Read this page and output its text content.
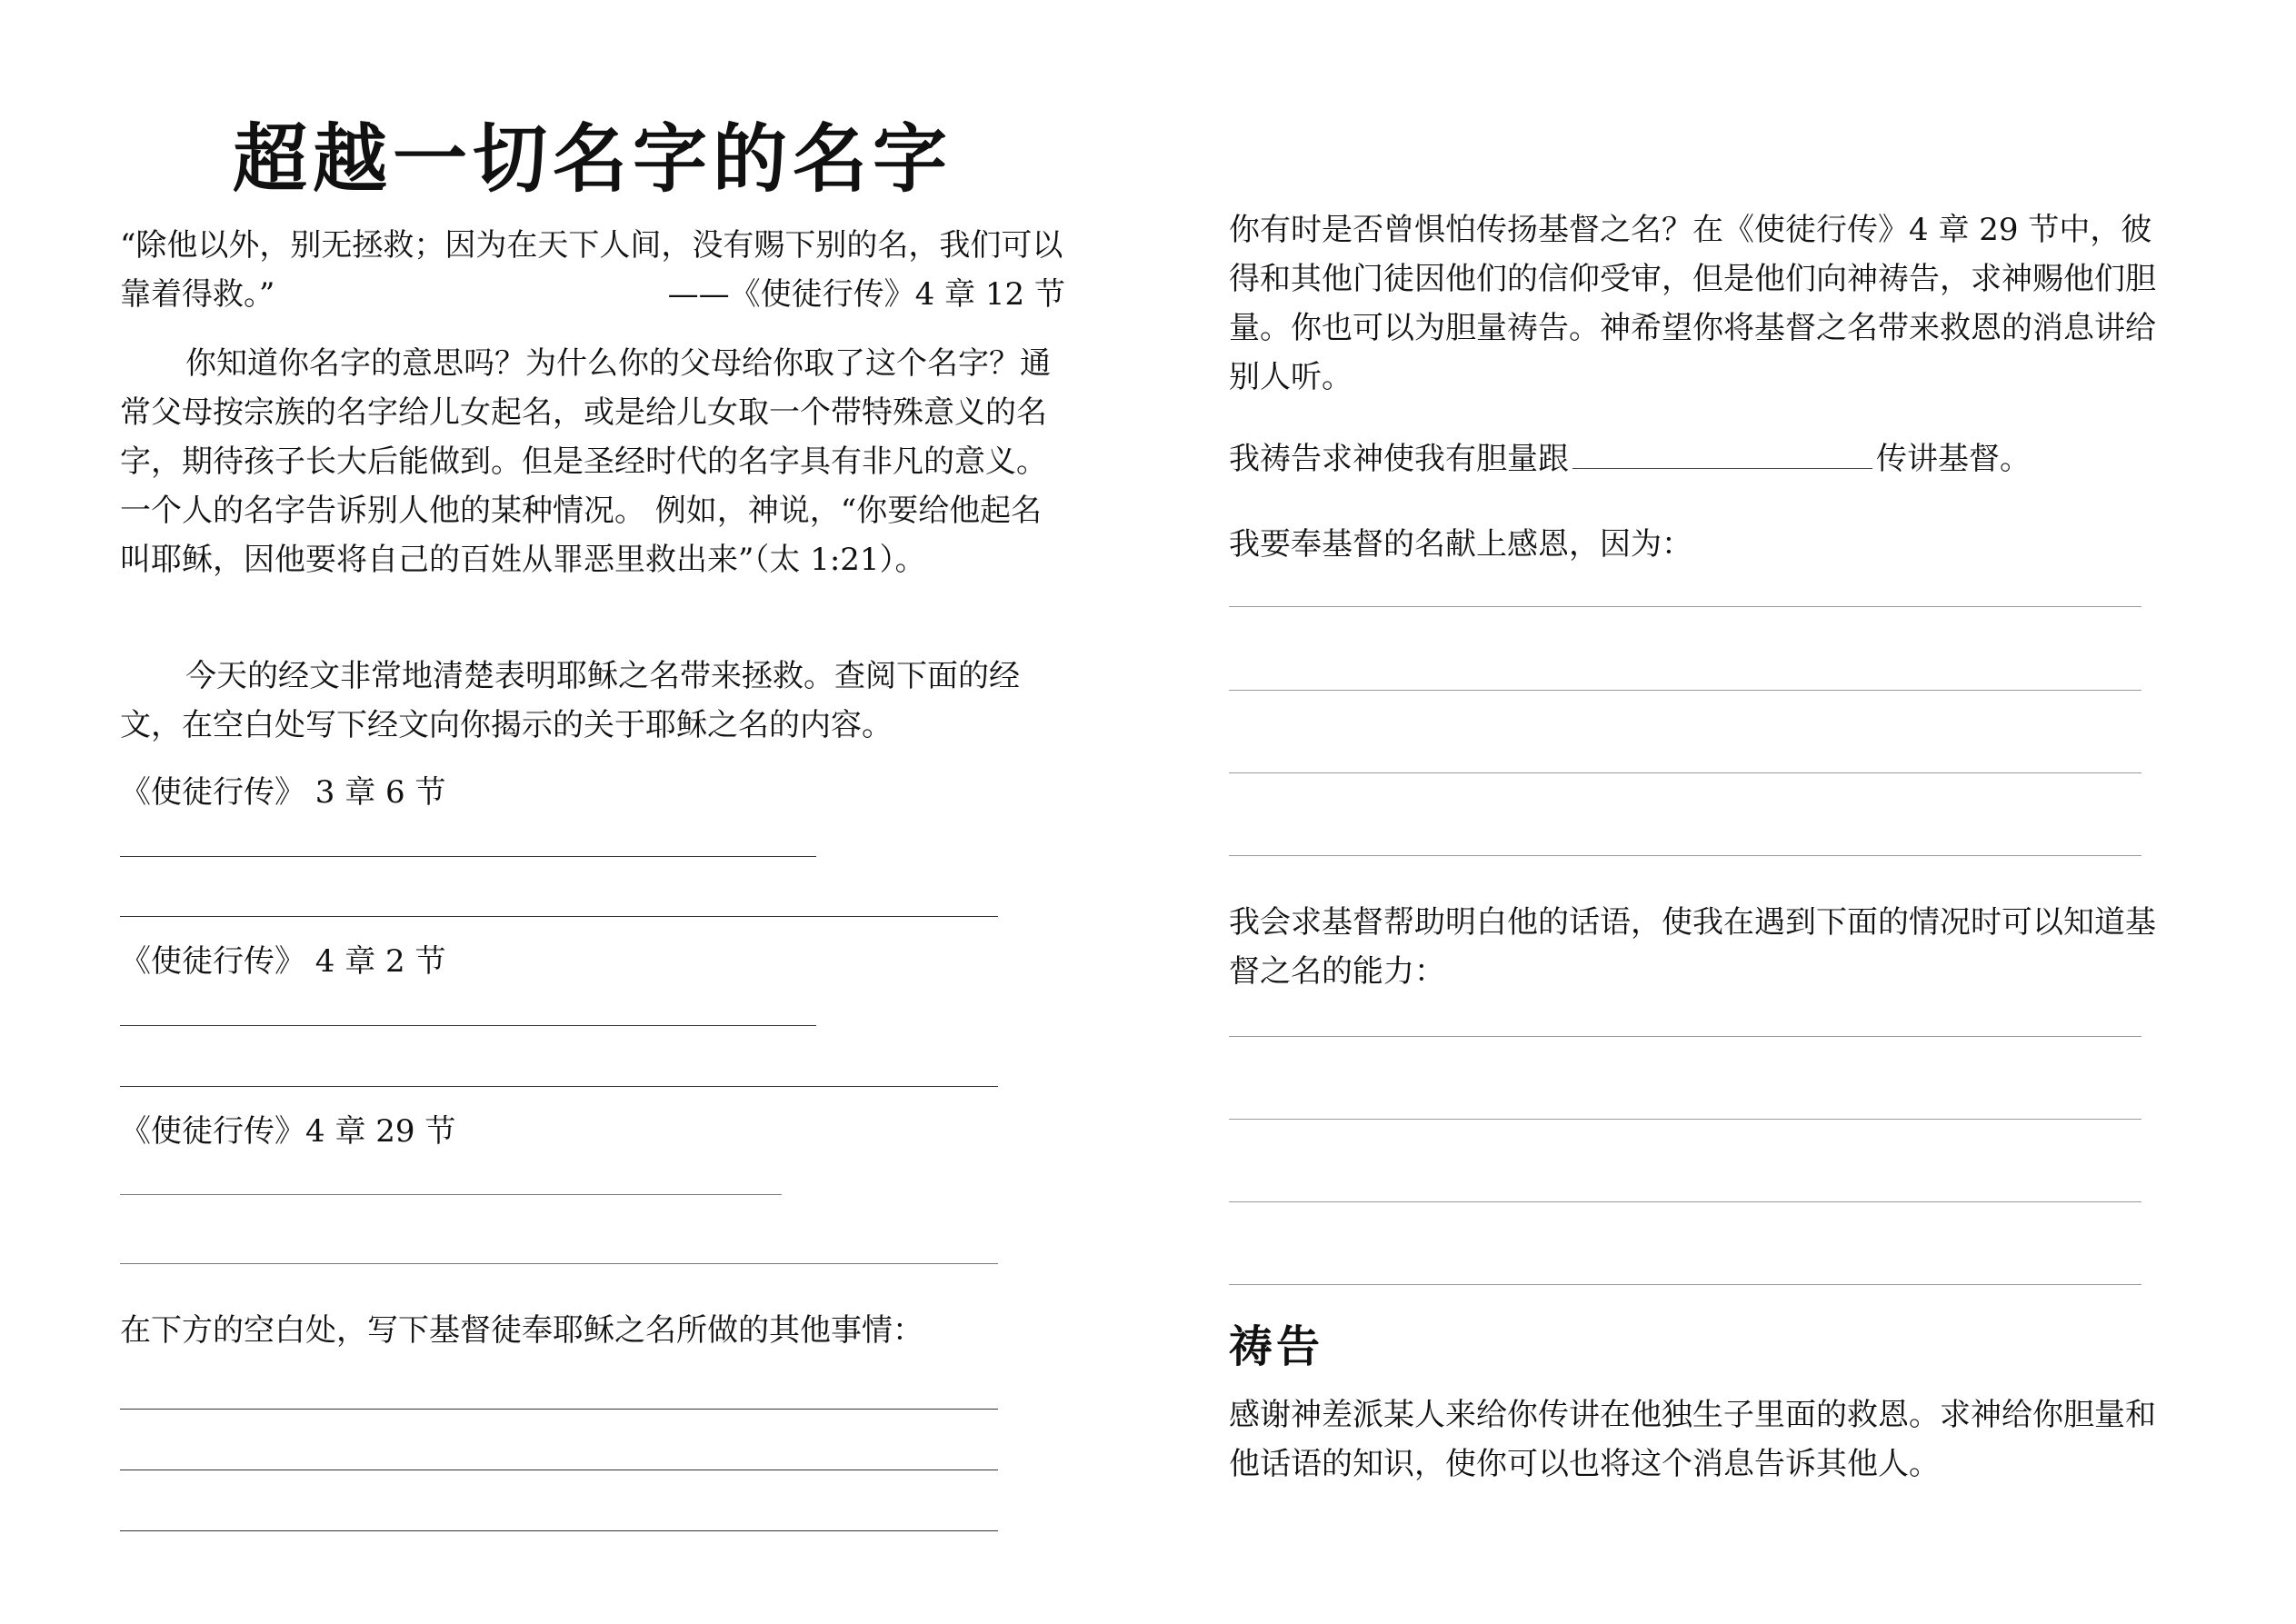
超越一切名字的名字
“除他以外，别无拯救；因为在天下人间，没有赐下别的名，我们可以靠着得救。”	——《使徒行传》4 章 12 节

你知道你名字的意思吗？为什么你的父母给你取了这个名字？通常父母按宗族的名字给儿女起名，或是给儿女取一个带特殊意义的名字，期待孩子长大后能做到。但是圣经时代的名字具有非凡的意义。一个人的名字告诉别人他的某种情况。 例如，神说，“你要给他起名叫耶稣，因他要将自己的百姓从罪恶里救出来”（太 1:21）。

今天的经文非常地清楚表明耶稣之名带来拯救。查阅下面的经文，在空白处写下经文向你揭示的关于耶稣之名的内容。

《使徒行传》 3 章 6 节

《使徒行传》 4 章 2 节

《使徒行传》4 章 29 节

在下方的空白处，写下基督徒奉耶稣之名所做的其他事情：

你有时是否曾惧怕传扬基督之名？在《使徒行传》4 章 29 节中，彼得和其他门徒因他们的信仰受审，但是他们向神祷告，求神赐他们胆量。你也可以为胆量祷告。神希望你将基督之名带来救恩的消息讲给别人听。

我祷告求神使我有胆量跟	传讲基督。

我要奉基督的名献上感恩，因为：

我会求基督帮助明白他的话语，使我在遇到下面的情况时可以知道基督之名的能力：

祷告

感谢神差派某人来给你传讲在他独生子里面的救恩。求神给你胆量和他话语的知识，使你可以也将这个消息告诉其他人。
